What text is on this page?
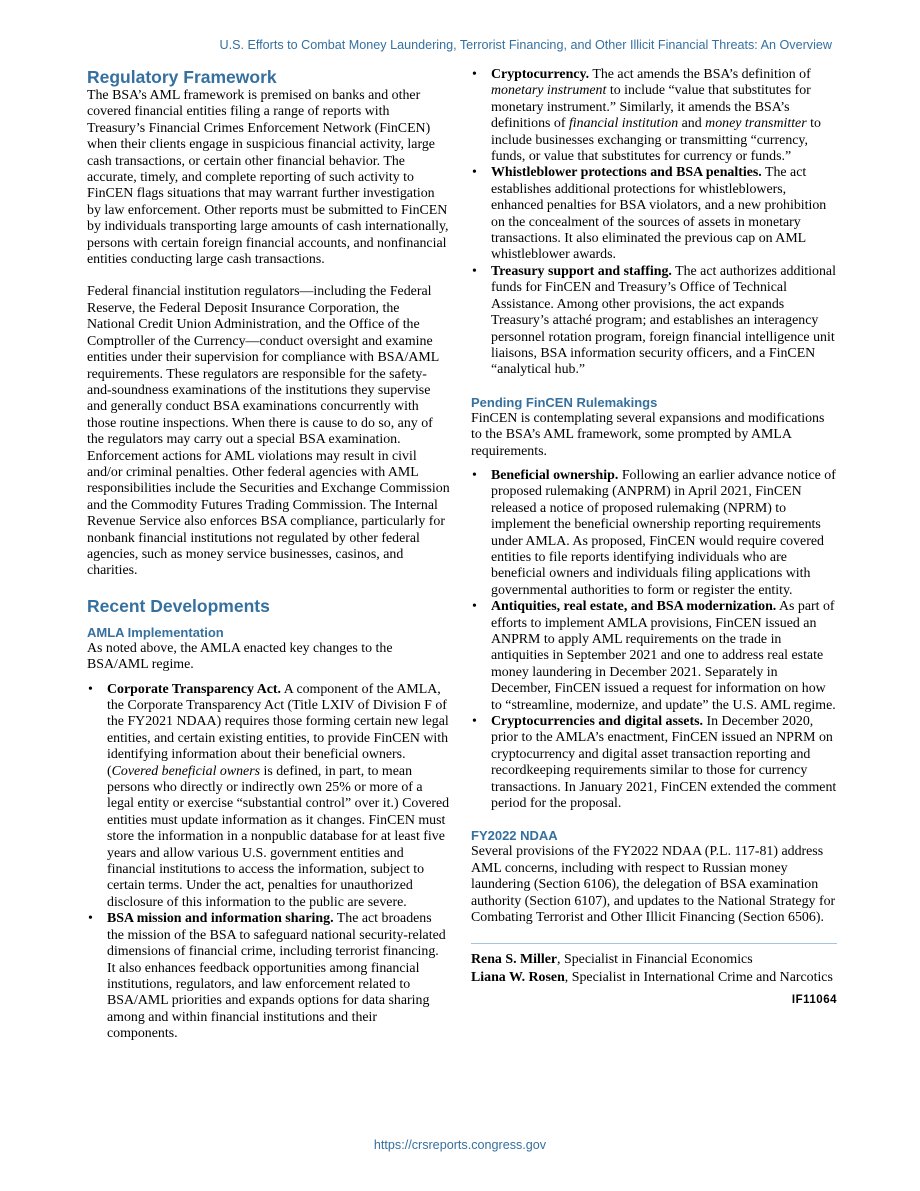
U.S. Efforts to Combat Money Laundering, Terrorist Financing, and Other Illicit Financial Threats: An Overview
Regulatory Framework

The BSA’s AML framework is premised on banks and other covered financial entities filing a range of reports with Treasury’s Financial Crimes Enforcement Network (FinCEN) when their clients engage in suspicious financial activity, large cash transactions, or certain other financial behavior. The accurate, timely, and complete reporting of such activity to FinCEN flags situations that may warrant further investigation by law enforcement. Other reports must be submitted to FinCEN by individuals transporting large amounts of cash internationally, persons with certain foreign financial accounts, and nonfinancial entities conducting large cash transactions.

Federal financial institution regulators—including the Federal Reserve, the Federal Deposit Insurance Corporation, the National Credit Union Administration, and the Office of the Comptroller of the Currency—conduct oversight and examine entities under their supervision for compliance with BSA/AML requirements. These regulators are responsible for the safety-and-soundness examinations of the institutions they supervise and generally conduct BSA examinations concurrently with those routine inspections. When there is cause to do so, any of the regulators may carry out a special BSA examination. Enforcement actions for AML violations may result in civil and/or criminal penalties. Other federal agencies with AML responsibilities include the Securities and Exchange Commission and the Commodity Futures Trading Commission. The Internal Revenue Service also enforces BSA compliance, particularly for nonbank financial institutions not regulated by other federal agencies, such as money service businesses, casinos, and charities.

Recent Developments
AMLA Implementation

As noted above, the AMLA enacted key changes to the BSA/AML regime.

• Corporate Transparency Act. A component of the AMLA, the Corporate Transparency Act (Title LXIV of Division F of the FY2021 NDAA) requires those forming certain new legal entities, and certain existing entities, to provide FinCEN with identifying information about their beneficial owners. (Covered beneficial owners is defined, in part, to mean persons who directly or indirectly own 25% or more of a legal entity or exercise “substantial control” over it.) Covered entities must update information as it changes. FinCEN must store the information in a nonpublic database for at least five years and allow various U.S. government entities and financial institutions to access the information, subject to certain terms. Under the act, penalties for unauthorized disclosure of this information to the public are severe.
• BSA mission and information sharing. The act broadens the mission of the BSA to safeguard national security-related dimensions of financial crime, including terrorist financing. It also enhances feedback opportunities among financial institutions, regulators, and law enforcement related to BSA/AML priorities and expands options for data sharing among and within financial institutions and their components.
• Cryptocurrency. The act amends the BSA’s definition of monetary instrument to include “value that substitutes for monetary instrument.” Similarly, it amends the BSA’s definitions of financial institution and money transmitter to include businesses exchanging or transmitting “currency, funds, or value that substitutes for currency or funds.”
• Whistleblower protections and BSA penalties. The act establishes additional protections for whistleblowers, enhanced penalties for BSA violators, and a new prohibition on the concealment of the sources of assets in monetary transactions. It also eliminated the previous cap on AML whistleblower awards.
• Treasury support and staffing. The act authorizes additional funds for FinCEN and Treasury’s Office of Technical Assistance. Among other provisions, the act expands Treasury’s attaché program; and establishes an interagency personnel rotation program, foreign financial intelligence unit liaisons, BSA information security officers, and a FinCEN “analytical hub.”
Pending FinCEN Rulemakings

FinCEN is contemplating several expansions and modifications to the BSA’s AML framework, some prompted by AMLA requirements.

• Beneficial ownership. Following an earlier advance notice of proposed rulemaking (ANPRM) in April 2021, FinCEN released a notice of proposed rulemaking (NPRM) to implement the beneficial ownership reporting requirements under AMLA. As proposed, FinCEN would require covered entities to file reports identifying individuals who are beneficial owners and individuals filing applications with governmental authorities to form or register the entity.
• Antiquities, real estate, and BSA modernization. As part of efforts to implement AMLA provisions, FinCEN issued an ANPRM to apply AML requirements on the trade in antiquities in September 2021 and one to address real estate money laundering in December 2021. Separately in December, FinCEN issued a request for information on how to “streamline, modernize, and update” the U.S. AML regime.
• Cryptocurrencies and digital assets. In December 2020, prior to the AMLA’s enactment, FinCEN issued an NPRM on cryptocurrency and digital asset transaction reporting and recordkeeping requirements similar to those for currency transactions. In January 2021, FinCEN extended the comment period for the proposal.
FY2022 NDAA

Several provisions of the FY2022 NDAA (P.L. 117-81) address AML concerns, including with respect to Russian money laundering (Section 6106), the delegation of BSA examination authority (Section 6107), and updates to the National Strategy for Combating Terrorist and Other Illicit Financing (Section 6506).

Rena S. Miller, Specialist in Financial Economics

Liana W. Rosen, Specialist in International Crime and Narcotics

IF11064
https://crsreports.congress.gov
